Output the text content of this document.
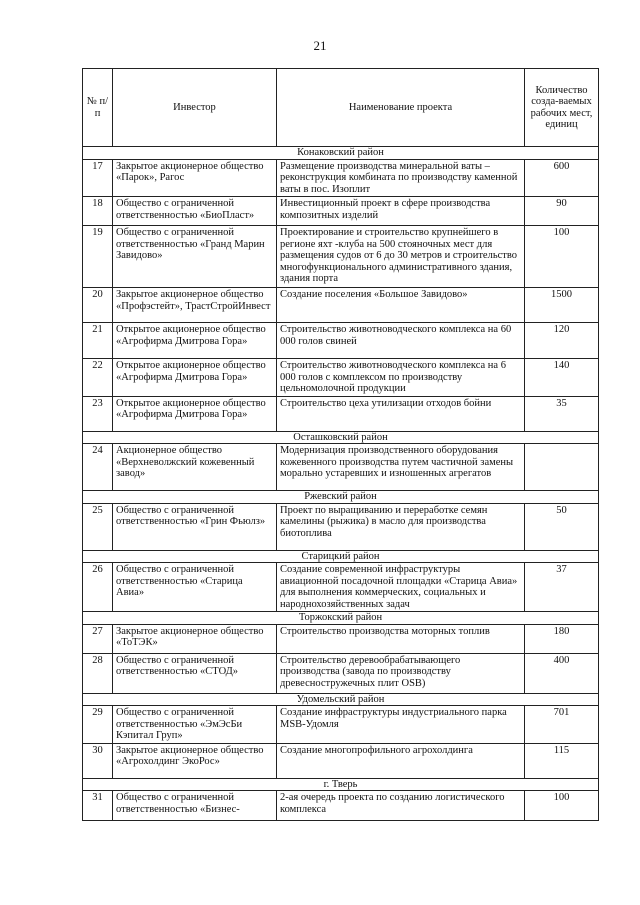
21
№ п/п	Инвестор	Наименование проекта	Количество созда-ваемых рабочих мест, единиц
Конаковский район			
17	Закрытое акционерное общество «Парок», Рагос	Размещение производства минеральной ваты – реконструкция комбината по производству каменной ваты в пос. Изоплит	600
18	Общество с ограниченной ответственностью «БиоПласт»	Инвестиционный проект в сфере производства композитных изделий	90
19	Общество с ограниченной ответственностью «Гранд Марин Завидово»	Проектирование и строительство крупнейшего в регионе яхт -клуба на 500 стояночных мест для размещения судов от 6 до 30 метров и строительство многофункционального административного здания, здания порта	100
20	Закрытое акционерное общество «Профэстейт», ТрастСтройИнвест	Создание поселения «Большое Завидово»	1500
21	Открытое акционерное общество «Агрофирма Дмитрова Гора»	Строительство животноводческого комплекса на 60 000 голов свиней	120
22	Открытое акционерное общество «Агрофирма Дмитрова Гора»	Строительство животноводческого комплекса на 6 000 голов с комплексом по производству цельномолочной продукции	140
23	Открытое акционерное общество «Агрофирма Дмитрова Гора»	Строительство цеха утилизации отходов бойни	35
Осташковский район			
24	Акционерное общество «Верхневолжский кожевенный завод»	Модернизация производственного оборудования кожевенного производства путем частичной замены морально устаревших и изношенных агрегатов	
Ржевский район			
25	Общество с ограниченной ответственностью «Грин Фьюлз»	Проект по выращиванию и переработке семян камелины (рыжика) в масло для производства биотоплива	50
Старицкий район			
26	Общество с ограниченной ответственностью «Старица Авиа»	Создание современной инфраструктуры авиационной посадочной площадки «Старица Авиа» для выполнения коммерческих, социальных и народнохозяйственных задач	37
Торжокский район			
27	Закрытое акционерное общество «ТоТЭК»	Строительство производства моторных топлив	180
28	Общество с ограниченной ответственностью «СТОД»	Строительство деревообрабатывающего производства (завода по производству древесностружечных плит OSB)	400
Удомельский район			
29	Общество с ограниченной ответственностью «ЭмЭсБи Кэпитал Груп»	Создание инфраструктуры индустриального парка MSB-Удомля	701
30	Закрытое акционерное общество «Агрохолдинг ЭкоРос»	Создание многопрофильного агрохолдинга	115
г. Тверь			
31	Общество с ограниченной ответственностью «Бизнес-	2-ая очередь проекта по созданию логистического комплекса	100
